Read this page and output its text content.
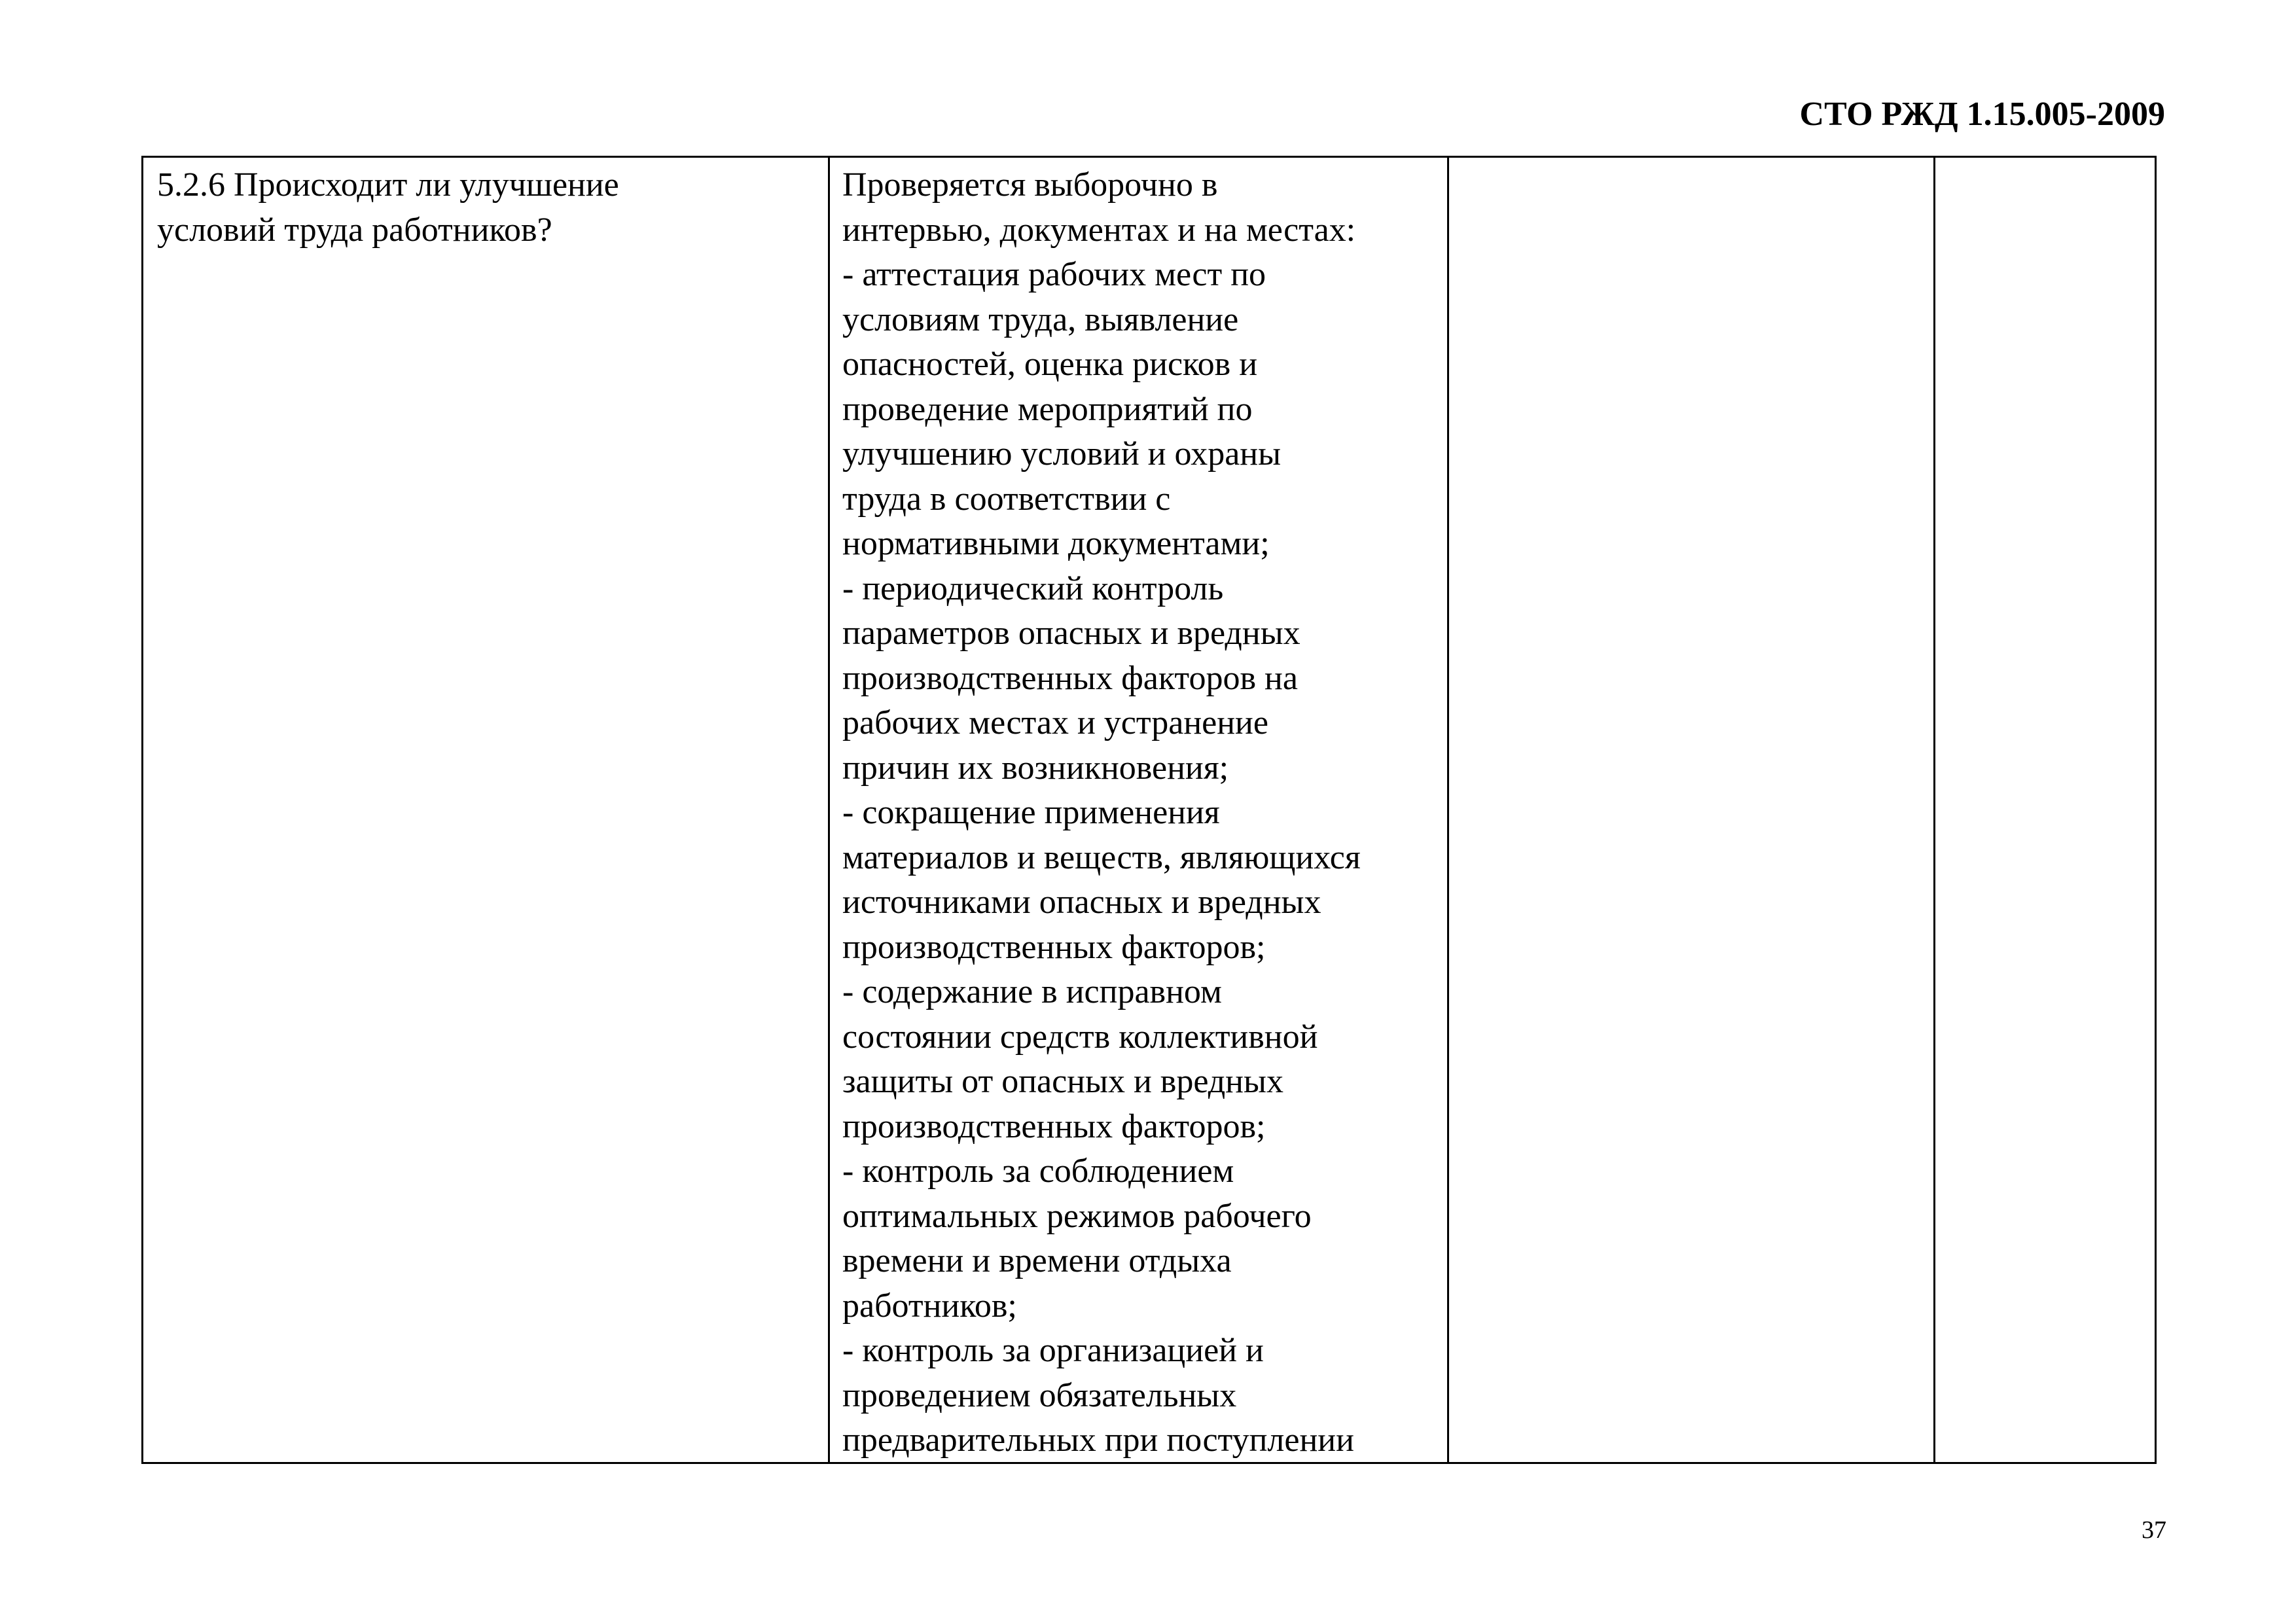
СТО РЖД 1.15.005-2009
5.2.6 Происходит ли улучшение
условий труда работников?
Проверяется выборочно в
интервью, документах и на местах:
- аттестация рабочих мест по
условиям труда, выявление
опасностей, оценка рисков и
проведение мероприятий по
улучшению условий и охраны
труда в соответствии с
нормативными документами;
- периодический контроль
параметров опасных и вредных
производственных факторов на
рабочих местах и устранение
причин их возникновения;
- сокращение применения
материалов и веществ, являющихся
источниками опасных и вредных
производственных факторов;
- содержание в исправном
состоянии средств коллективной
защиты от опасных и вредных
производственных факторов;
- контроль за соблюдением
оптимальных режимов рабочего
времени и времени отдыха
работников;
- контроль за организацией и
проведением обязательных
предварительных при поступлении
37
